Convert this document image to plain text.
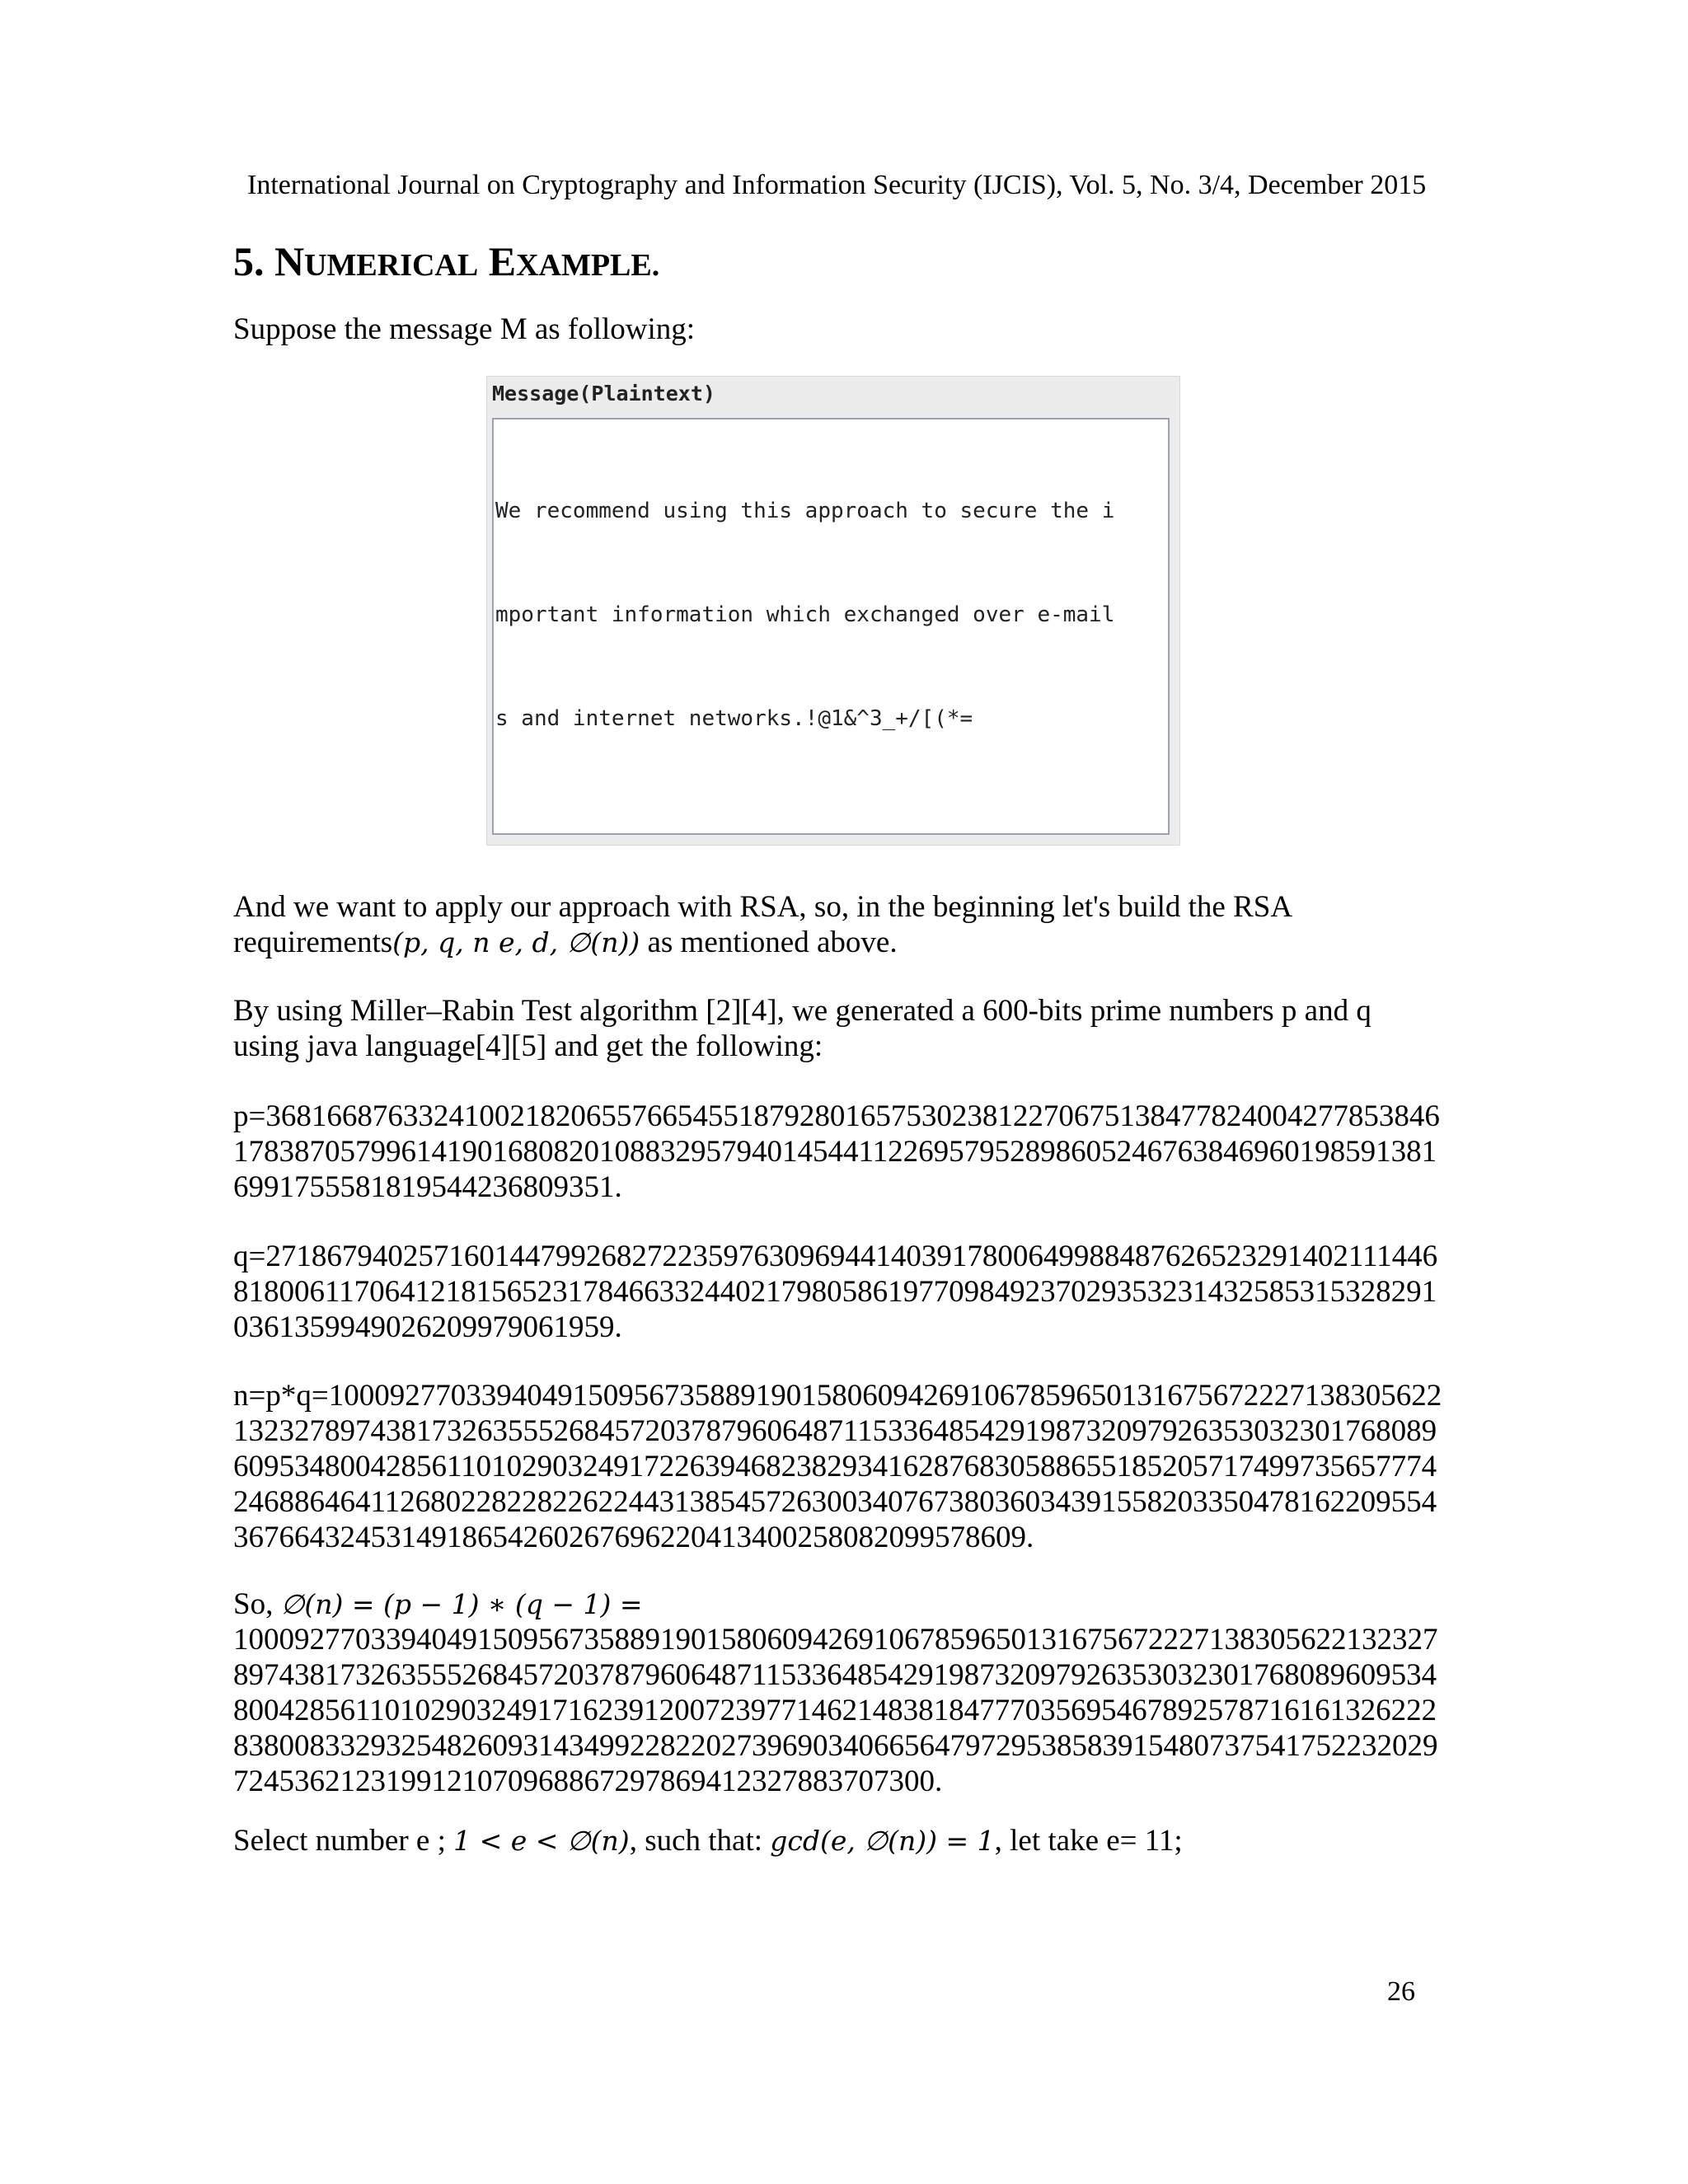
International Journal on Cryptography and Information Security (IJCIS), Vol. 5, No. 3/4, December 2015
5. NUMERICAL EXAMPLE.
Suppose the message M as following:
Message(Plaintext)

We recommend using this approach to secure the i

mportant information which exchanged over e-mail

s and internet networks.!@1&^3_+/[(*=

And we want to apply our approach with RSA, so, in the beginning let's build the RSA
requirements(p, q, n e, d, ∅(n)) as mentioned above.
By using Miller–Rabin Test algorithm [2][4], we generated a 600-bits prime numbers p and q
using java language[4][5] and get the following:
p=3681668763324100218206557665455187928016575302381227067513847782400427785384​6
178387057996141901680820108832957940145441122695795289860524676384696019859138​1
6991755581819544236809351.
q=2718679402571601447992682722359763096944140391780064998848762652329140211144​6
818006117064121815652317846633244021798058619770984923702935323143258531532829​1
0361359949026209979061959.
n=p*q=1000927703394049150956735889190158060942691067859650131675672227138305622
132327897438173263555268457203787960648711533648542919873209792635303230176808​9
609534800428561101029032491722639468238293416287683058865518520571749973565777​4
246886464112680228228226224431385457263003407673803603439155820335047816220955​4
3676643245314918654260267696220413400258082099578609.
So, ∅(n) = (p − 1) ∗ (q − 1) =
1000927703394049150956735889190158060942691067859650131675672227138305622132327
8974381732635552684572037879606487115336485429198732097926353032301768089609534
8004285611010290324917162391200723977146214838184777035695467892578716161326222
8380083329325482609314349922822027396903406656479729538583915480737541752232029
7245362123199121070968867297869412327883707300.
Select number e ; 1 < e < ∅(n), such that: gcd(e, ∅(n)) = 1, let take e= 11;
26
